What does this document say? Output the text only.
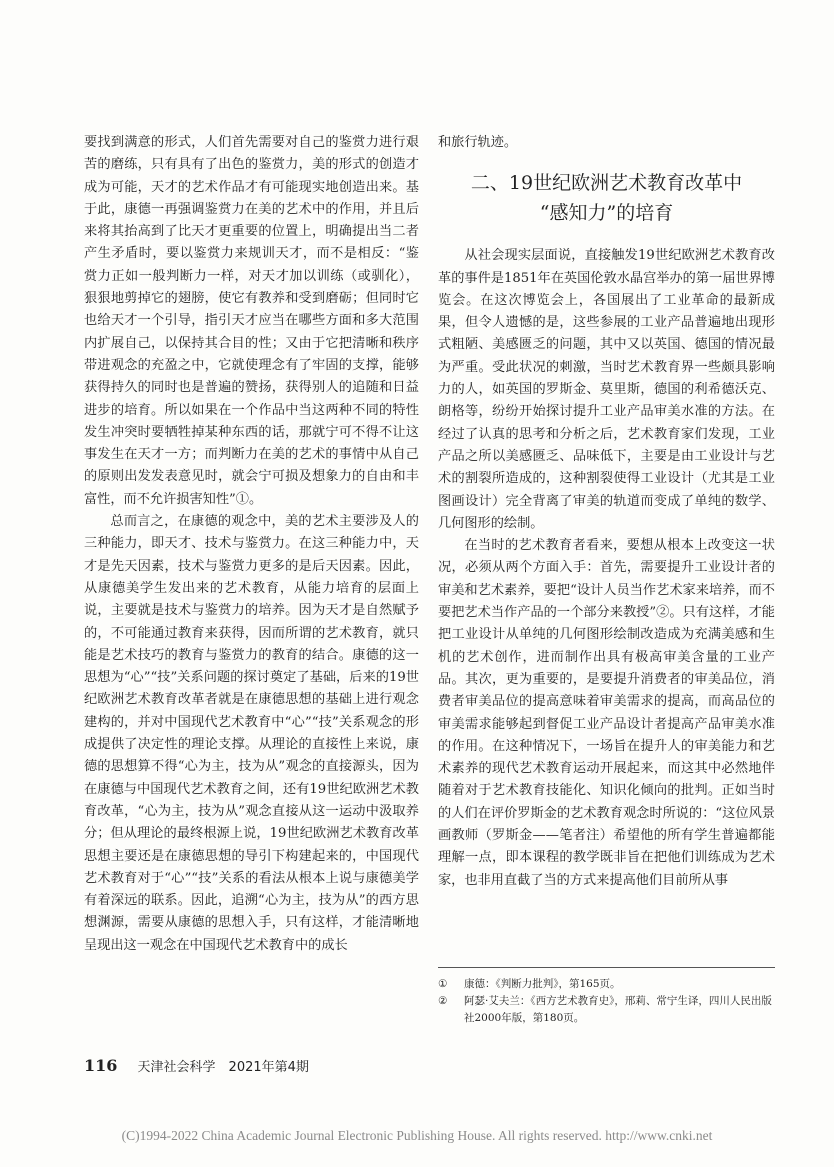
要找到满意的形式，人们首先需要对自己的鉴赏力进行艰苦的磨练，只有具有了出色的鉴赏力，美的形式的创造才成为可能，天才的艺术作品才有可能现实地创造出来。基于此，康德一再强调鉴赏力在美的艺术中的作用，并且后来将其抬高到了比天才更重要的位置上，明确提出当二者产生矛盾时，要以鉴赏力来规训天才，而不是相反：“鉴赏力正如一般判断力一样，对天才加以训练（或驯化），狠狠地剪掉它的翅膀，使它有教养和受到磨砺；但同时它也给天才一个引导，指引天才应当在哪些方面和多大范围内扩展自己，以保持其合目的性；又由于它把清晰和秩序带进观念的充盈之中，它就使理念有了牢固的支撑，能够获得持久的同时也是普遍的赞扬，获得别人的追随和日益进步的培育。所以如果在一个作品中当这两种不同的特性发生冲突时要牺牲掉某种东西的话，那就宁可不得不让这事发生在天才一方；而判断力在美的艺术的事情中从自己的原则出发发表意见时，就会宁可损及想象力的自由和丰富性，而不允许损害知性”①。

总而言之，在康德的观念中，美的艺术主要涉及人的三种能力，即天才、技术与鉴赏力。在这三种能力中，天才是先天因素，技术与鉴赏力更多的是后天因素。因此，从康德美学生发出来的艺术教育，从能力培育的层面上说，主要就是技术与鉴赏力的培养。因为天才是自然赋予的，不可能通过教育来获得，因而所谓的艺术教育，就只能是艺术技巧的教育与鉴赏力的教育的结合。康德的这一思想为“心”“技”关系问题的探讨奠定了基础，后来的19世纪欧洲艺术教育改革者就是在康德思想的基础上进行观念建构的，并对中国现代艺术教育中“心”“技”关系观念的形成提供了决定性的理论支撑。从理论的直接性上来说，康德的思想算不得“心为主，技为从”观念的直接源头，因为在康德与中国现代艺术教育之间，还有19世纪欧洲艺术教育改革，“心为主，技为从”观念直接从这一运动中汲取养分；但从理论的最终根源上说，19世纪欧洲艺术教育改革思想主要还是在康德思想的导引下构建起来的，中国现代艺术教育对于“心”“技”关系的看法从根本上说与康德美学有着深远的联系。因此，追溯“心为主，技为从”的西方思想渊源，需要从康德的思想入手，只有这样，才能清晰地呈现出这一观念在中国现代艺术教育中的成长

和旅行轨迹。

二、19世纪欧洲艺术教育改革中
“感知力”的培育

从社会现实层面说，直接触发19世纪欧洲艺术教育改革的事件是1851年在英国伦敦水晶宫举办的第一届世界博览会。在这次博览会上，各国展出了工业革命的最新成果，但令人遗憾的是，这些参展的工业产品普遍地出现形式粗陋、美感匮乏的问题，其中又以英国、德国的情况最为严重。受此状况的刺激，当时艺术教育界一些颇具影响力的人，如英国的罗斯金、莫里斯，德国的利希德沃克、朗格等，纷纷开始探讨提升工业产品审美水准的方法。在经过了认真的思考和分析之后，艺术教育家们发现，工业产品之所以美感匮乏、品味低下，主要是由工业设计与艺术的割裂所造成的，这种割裂使得工业设计（尤其是工业图画设计）完全背离了审美的轨道而变成了单纯的数学、几何图形的绘制。

在当时的艺术教育者看来，要想从根本上改变这一状况，必须从两个方面入手：首先，需要提升工业设计者的审美和艺术素养，要把“设计人员当作艺术家来培养，而不要把艺术当作产品的一个部分来教授”②。只有这样，才能把工业设计从单纯的几何图形绘制改造成为充满美感和生机的艺术创作，进而制作出具有极高审美含量的工业产品。其次，更为重要的，是要提升消费者的审美品位，消费者审美品位的提高意味着审美需求的提高，而高品位的审美需求能够起到督促工业产品设计者提高产品审美水准的作用。在这种情况下，一场旨在提升人的审美能力和艺术素养的现代艺术教育运动开展起来，而这其中必然地伴随着对于艺术教育技能化、知识化倾向的批判。正如当时的人们在评价罗斯金的艺术教育观念时所说的：“这位风景画教师（罗斯金——笔者注）希望他的所有学生普遍都能理解一点，即本课程的教学既非旨在把他们训练成为艺术家，也非用直截了当的方式来提高他们目前所从事

①	康德：《判断力批判》，第165页。
②	阿瑟·艾夫兰：《西方艺术教育史》，邢莉、常宁生译，四川人民出版社2000年版，第180页。
116 天津社会科学　2021年第4期
(C)1994-2022 China Academic Journal Electronic Publishing House. All rights reserved. http://www.cnki.net
